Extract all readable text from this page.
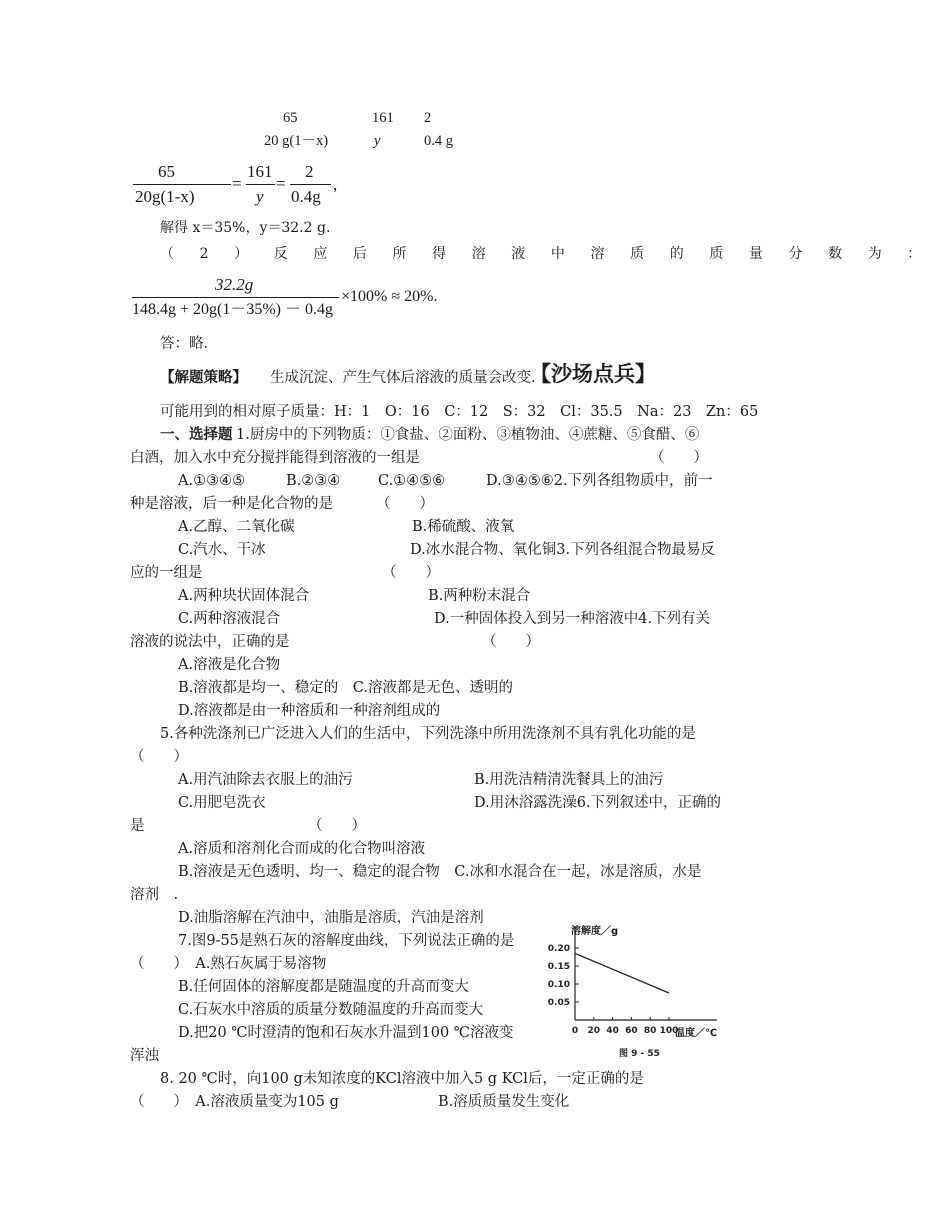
65	161 2
20 g(1－x)	y	0.4 g
65
20g(1-x)
=
161
y
=
2
0.4g
,
解得 x＝35%，y＝32.2 g.
（2）反应后所得溶液中溶质的质量分数为：
32.2g
148.4g + 20g(1－35%) － 0.4g
×100% ≈ 20%.
答：略.
【解题策略】 生成沉淀、产生气体后溶液的质量会改变.
【沙场点兵】
可能用到的相对原子质量：H：1　O：16　C：12　S：32　Cl：35.5　Na：23　Zn：65
一、选择题 1.厨房中的下列物质：①食盐、②面粉、③植物油、④蔗糖、⑤食醋、⑥
白酒，加入水中充分搅拌能得到溶液的一组是	（　　）
A.①③④⑤	B.②③④	C.①④⑤⑥	D.③④⑤⑥2.下列各组物质中，前一
种是溶液，后一种是化合物的是	（　　）
A.乙醇、二氧化碳	B.稀硫酸、液氧
C.汽水、干冰	D.冰水混合物、氧化铜3.下列各组混合物最易反
应的一组是	（　　）
A.两种块状固体混合	B.两种粉末混合
C.两种溶液混合	D.一种固体投入到另一种溶液中4.下列有关
溶液的说法中，正确的是	（　　）
A.溶液是化合物
B.溶液都是均一、稳定的　C.溶液都是无色、透明的
D.溶液都是由一种溶质和一种溶剂组成的
5.各种洗涤剂已广泛进入人们的生活中，下列洗涤中所用洗涤剂不具有乳化功能的是
（　　）
A.用汽油除去衣服上的油污	B.用洗洁精清洗餐具上的油污
C.用肥皂洗衣	D.用沐浴露洗澡6.下列叙述中，正确的
是	（　　）
A.溶质和溶剂化合而成的化合物叫溶液
B.溶液是无色透明、均一、稳定的混合物　C.冰和水混合在一起，冰是溶质，水是
溶剂　.
D.油脂溶解在汽油中，油脂是溶质，汽油是溶剂
7.图9-55是熟石灰的溶解度曲线，下列说法正确的是
（　　）　A.熟石灰属于易溶物
B.任何固体的溶解度都是随温度的升高而变大
C.石灰水中溶质的质量分数随温度的升高而变大
D.把20 ℃时澄清的饱和石灰水升温到100 ℃溶液变
浑浊
8. 20 ℃时，向100 g未知浓度的KCl溶液中加入5 g KCl后，一定正确的是
（　　）　A.溶液质量变为105 g	B.溶质质量发生变化
0.05
0.10
0.15
0.20
0 20 40 60 80 100
溶解度／g
温度／℃
图 9 - 55
